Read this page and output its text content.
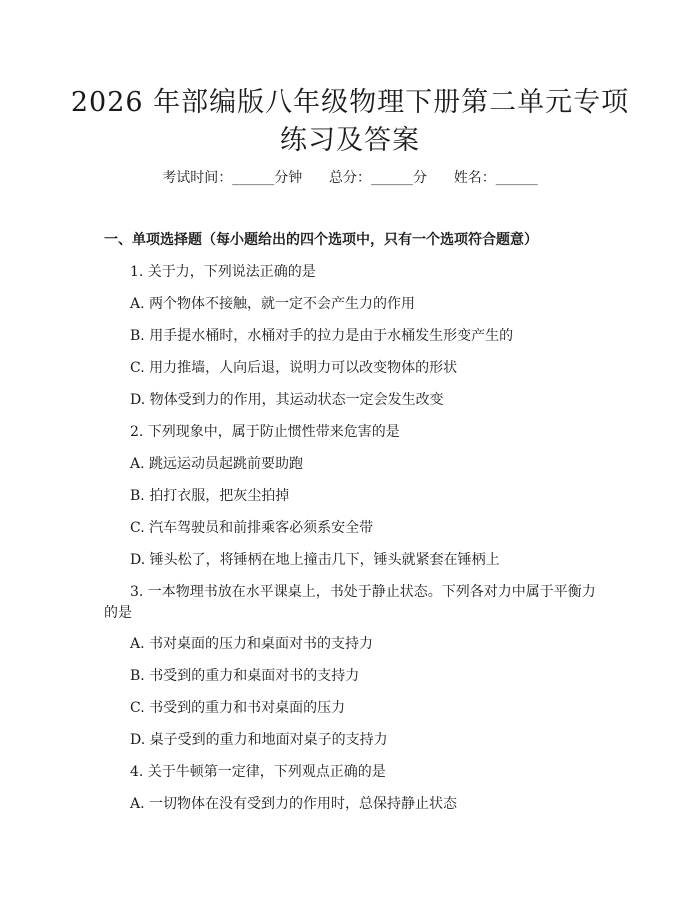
2026 年部编版八年级物理下册第二单元专项
练习及答案
考试时间：______分钟      总分：______分      姓名：______
一、单项选择题（每小题给出的四个选项中，只有一个选项符合题意）
1. 关于力，下列说法正确的是
A. 两个物体不接触，就一定不会产生力的作用
B. 用手提水桶时，水桶对手的拉力是由于水桶发生形变产生的
C. 用力推墙，人向后退，说明力可以改变物体的形状
D. 物体受到力的作用，其运动状态一定会发生改变
2. 下列现象中，属于防止惯性带来危害的是
A. 跳远运动员起跳前要助跑
B. 拍打衣服，把灰尘拍掉
C. 汽车驾驶员和前排乘客必须系安全带
D. 锤头松了，将锤柄在地上撞击几下，锤头就紧套在锤柄上
3. 一本物理书放在水平课桌上，书处于静止状态。下列各对力中属于平衡力
的是
A. 书对桌面的压力和桌面对书的支持力
B. 书受到的重力和桌面对书的支持力
C. 书受到的重力和书对桌面的压力
D. 桌子受到的重力和地面对桌子的支持力
4. 关于牛顿第一定律，下列观点正确的是
A. 一切物体在没有受到力的作用时，总保持静止状态
